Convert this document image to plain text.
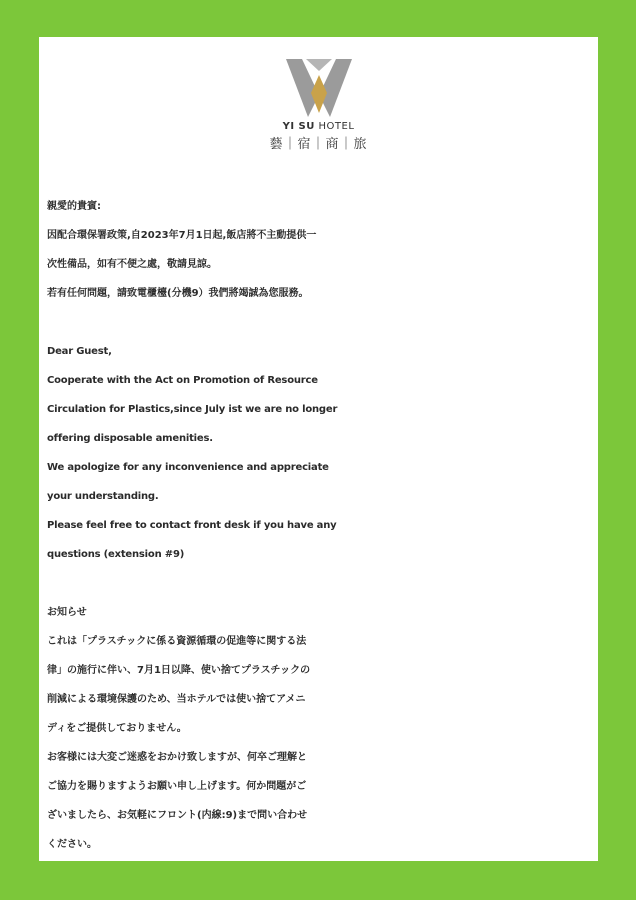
YI SU HOTEL
藝｜宿｜商｜旅
親愛的貴賓:
因配合環保署政策,自2023年7月1日起,飯店將不主動提供一
次性備品，如有不便之處，敬請見諒。
若有任何問題，請致電櫃檯(分機9）我們將竭誠為您服務。
Dear Guest,
Cooperate with the Act on Promotion of Resource
Circulation for Plastics,since July ist we are no longer
offering disposable amenities.
We apologize for any inconvenience and appreciate
your understanding.
Please feel free to contact front desk if you have any
questions (extension #9)
お知らせ
これは「プラスチックに係る資源循環の促進等に関する法
律」の施行に伴い、7月1日以降、使い捨てプラスチックの
削減による環境保護のため、当ホテルでは使い捨てアメニ
ディをご提供しておりません。
お客様には大変ご迷惑をおかけ致しますが、何卒ご理解と
ご協力を賜りますようお願い申し上げます。何か問題がご
ざいましたら、お気軽にフロント(内線:9)まで問い合わせ
ください。
